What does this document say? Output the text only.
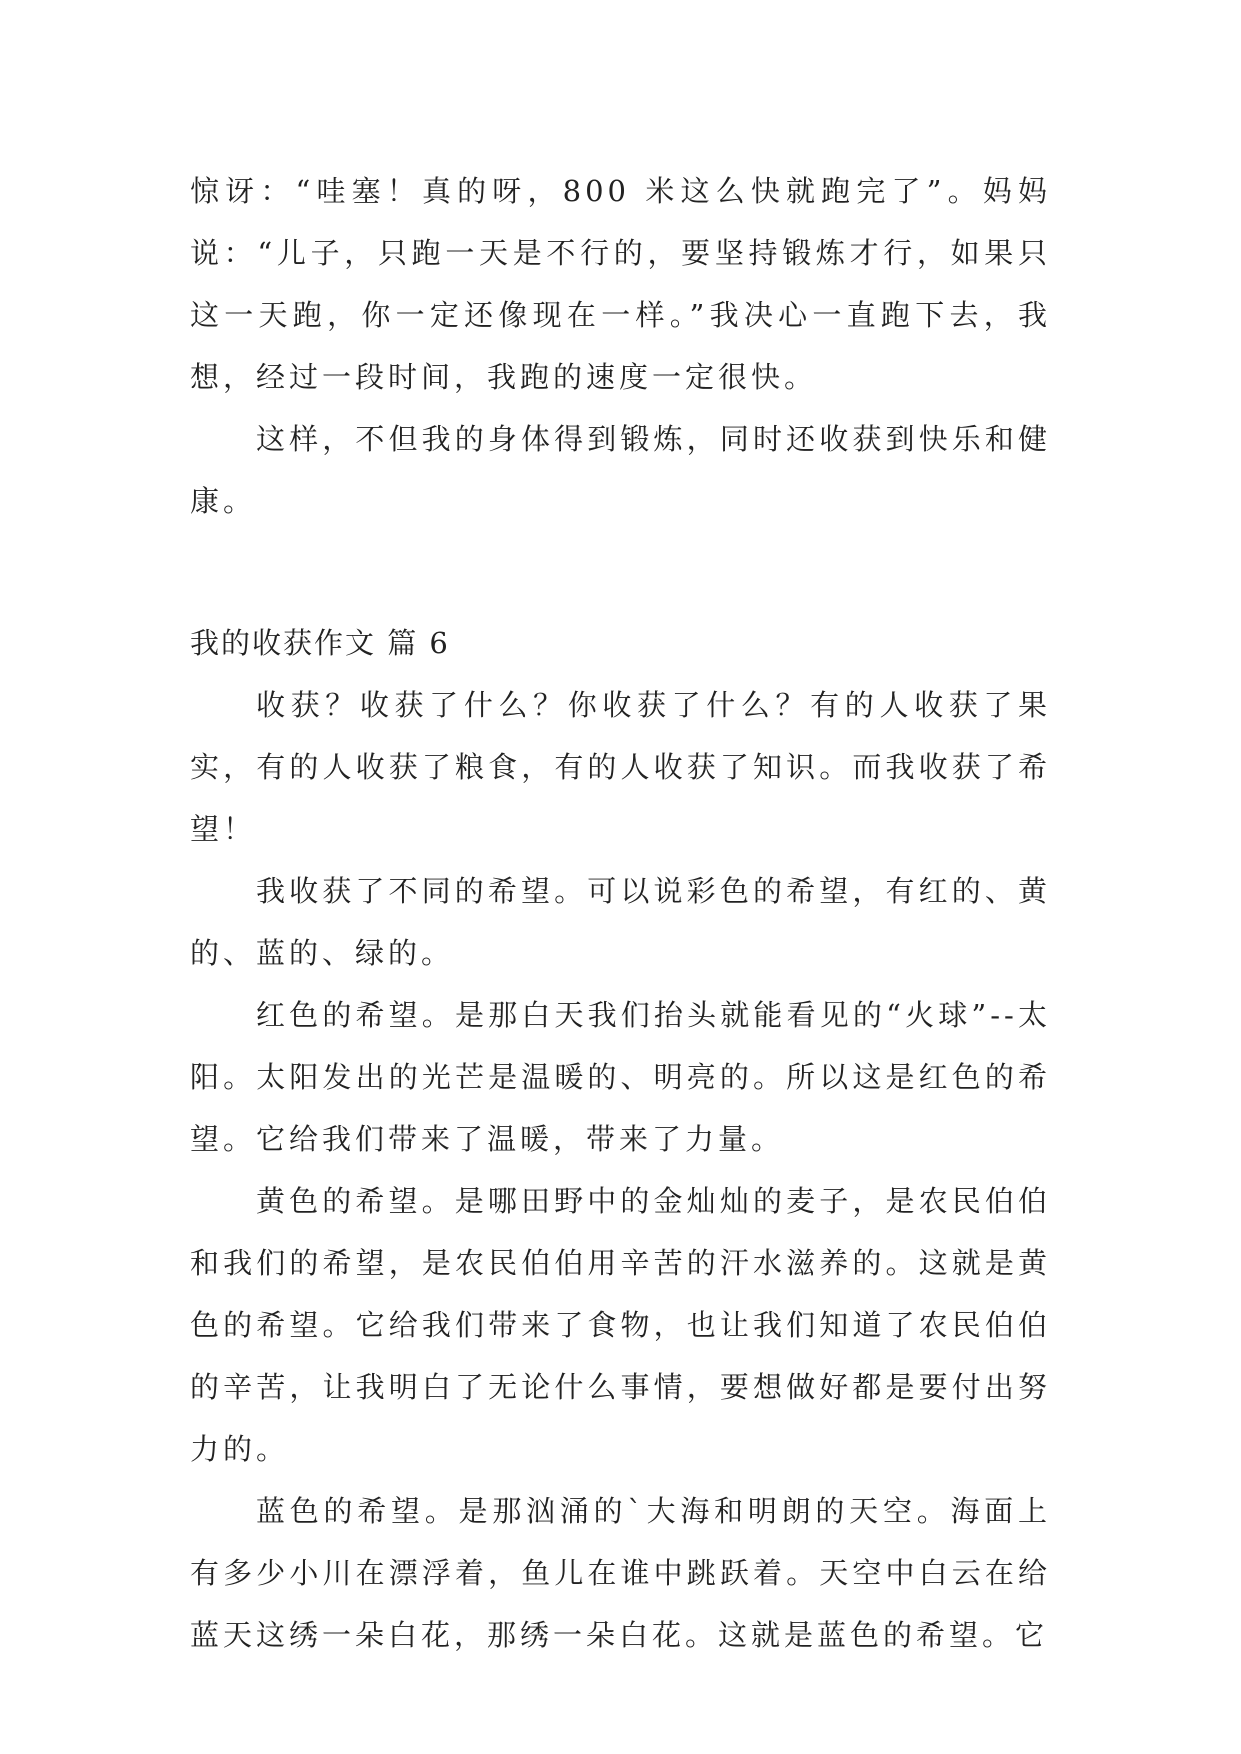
惊讶：“哇塞！真的呀，800 米这么快就跑完了”。妈妈说：“儿子，只跑一天是不行的，要坚持锻炼才行，如果只这一天跑，你一定还像现在一样。”我决心一直跑下去，我想，经过一段时间，我跑的速度一定很快。

这样，不但我的身体得到锻炼，同时还收获到快乐和健康。

我的收获作文 篇 6

收获？收获了什么？你收获了什么？有的人收获了果实，有的人收获了粮食，有的人收获了知识。而我收获了希望！

我收获了不同的希望。可以说彩色的希望，有红的、黄的、蓝的、绿的。

红色的希望。是那白天我们抬头就能看见的“火球”--太阳。太阳发出的光芒是温暖的、明亮的。所以这是红色的希望。它给我们带来了温暖，带来了力量。

黄色的希望。是哪田野中的金灿灿的麦子，是农民伯伯和我们的希望，是农民伯伯用辛苦的汗水滋养的。这就是黄色的希望。它给我们带来了食物，也让我们知道了农民伯伯的辛苦，让我明白了无论什么事情，要想做好都是要付出努力的。

蓝色的希望。是那汹涌的`大海和明朗的天空。海面上有多少小川在漂浮着，鱼儿在谁中跳跃着。天空中白云在给蓝天这绣一朵白花，那绣一朵白花。这就是蓝色的希望。它
